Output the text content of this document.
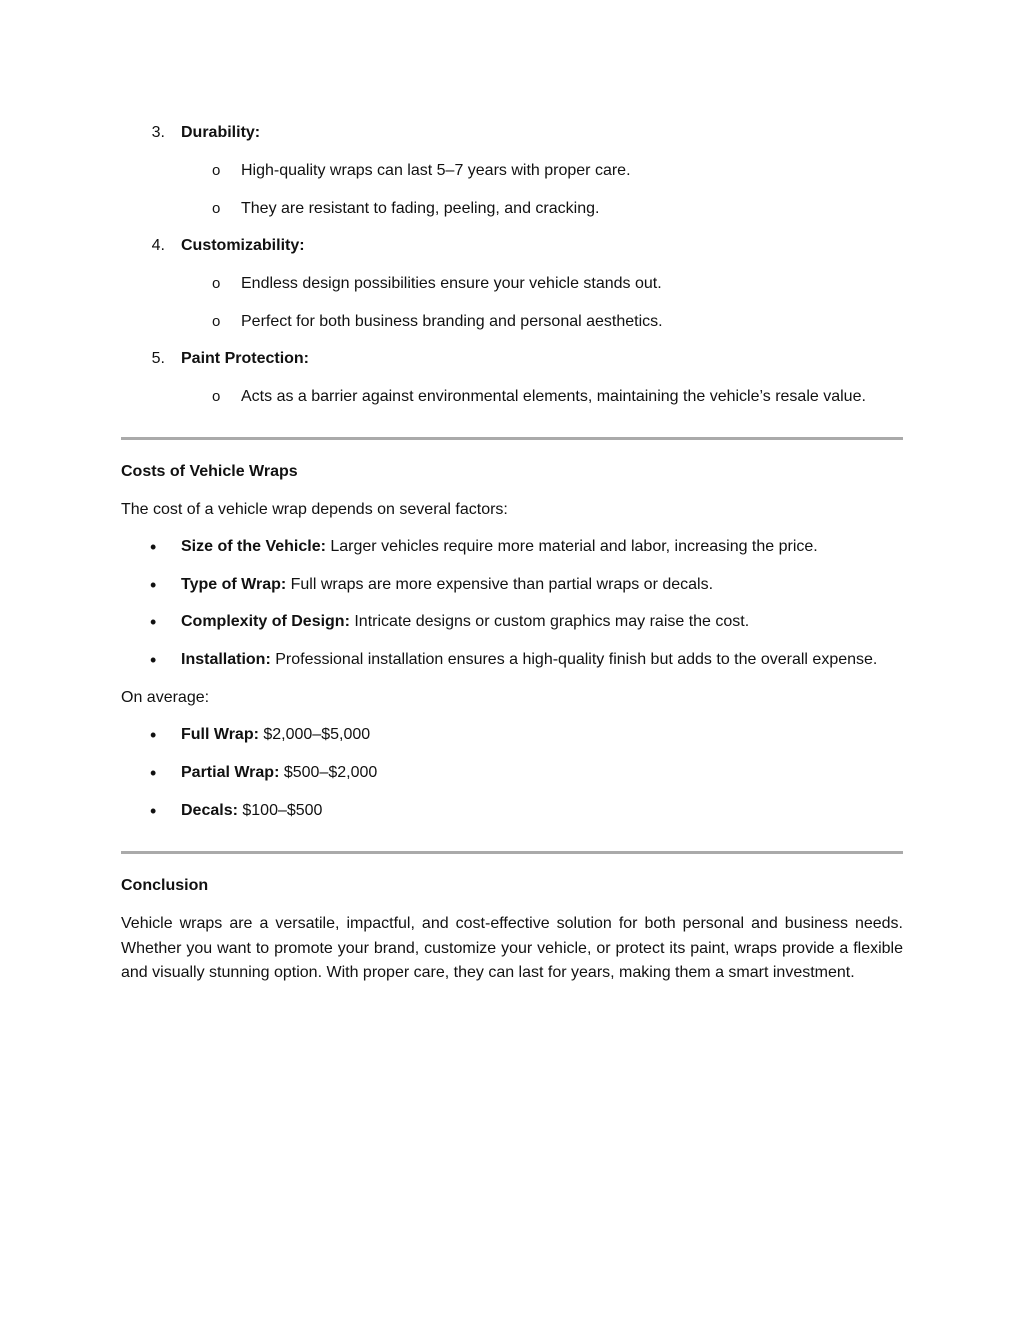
3. Durability:
o High-quality wraps can last 5–7 years with proper care.
o They are resistant to fading, peeling, and cracking.
4. Customizability:
o Endless design possibilities ensure your vehicle stands out.
o Perfect for both business branding and personal aesthetics.
5. Paint Protection:
o Acts as a barrier against environmental elements, maintaining the vehicle’s resale value.
Costs of Vehicle Wraps
The cost of a vehicle wrap depends on several factors:
• Size of the Vehicle: Larger vehicles require more material and labor, increasing the price.
• Type of Wrap: Full wraps are more expensive than partial wraps or decals.
• Complexity of Design: Intricate designs or custom graphics may raise the cost.
• Installation: Professional installation ensures a high-quality finish but adds to the overall expense.
On average:
• Full Wrap: $2,000–$5,000
• Partial Wrap: $500–$2,000
• Decals: $100–$500
Conclusion
Vehicle wraps are a versatile, impactful, and cost-effective solution for both personal and business needs. Whether you want to promote your brand, customize your vehicle, or protect its paint, wraps provide a flexible and visually stunning option. With proper care, they can last for years, making them a smart investment.
